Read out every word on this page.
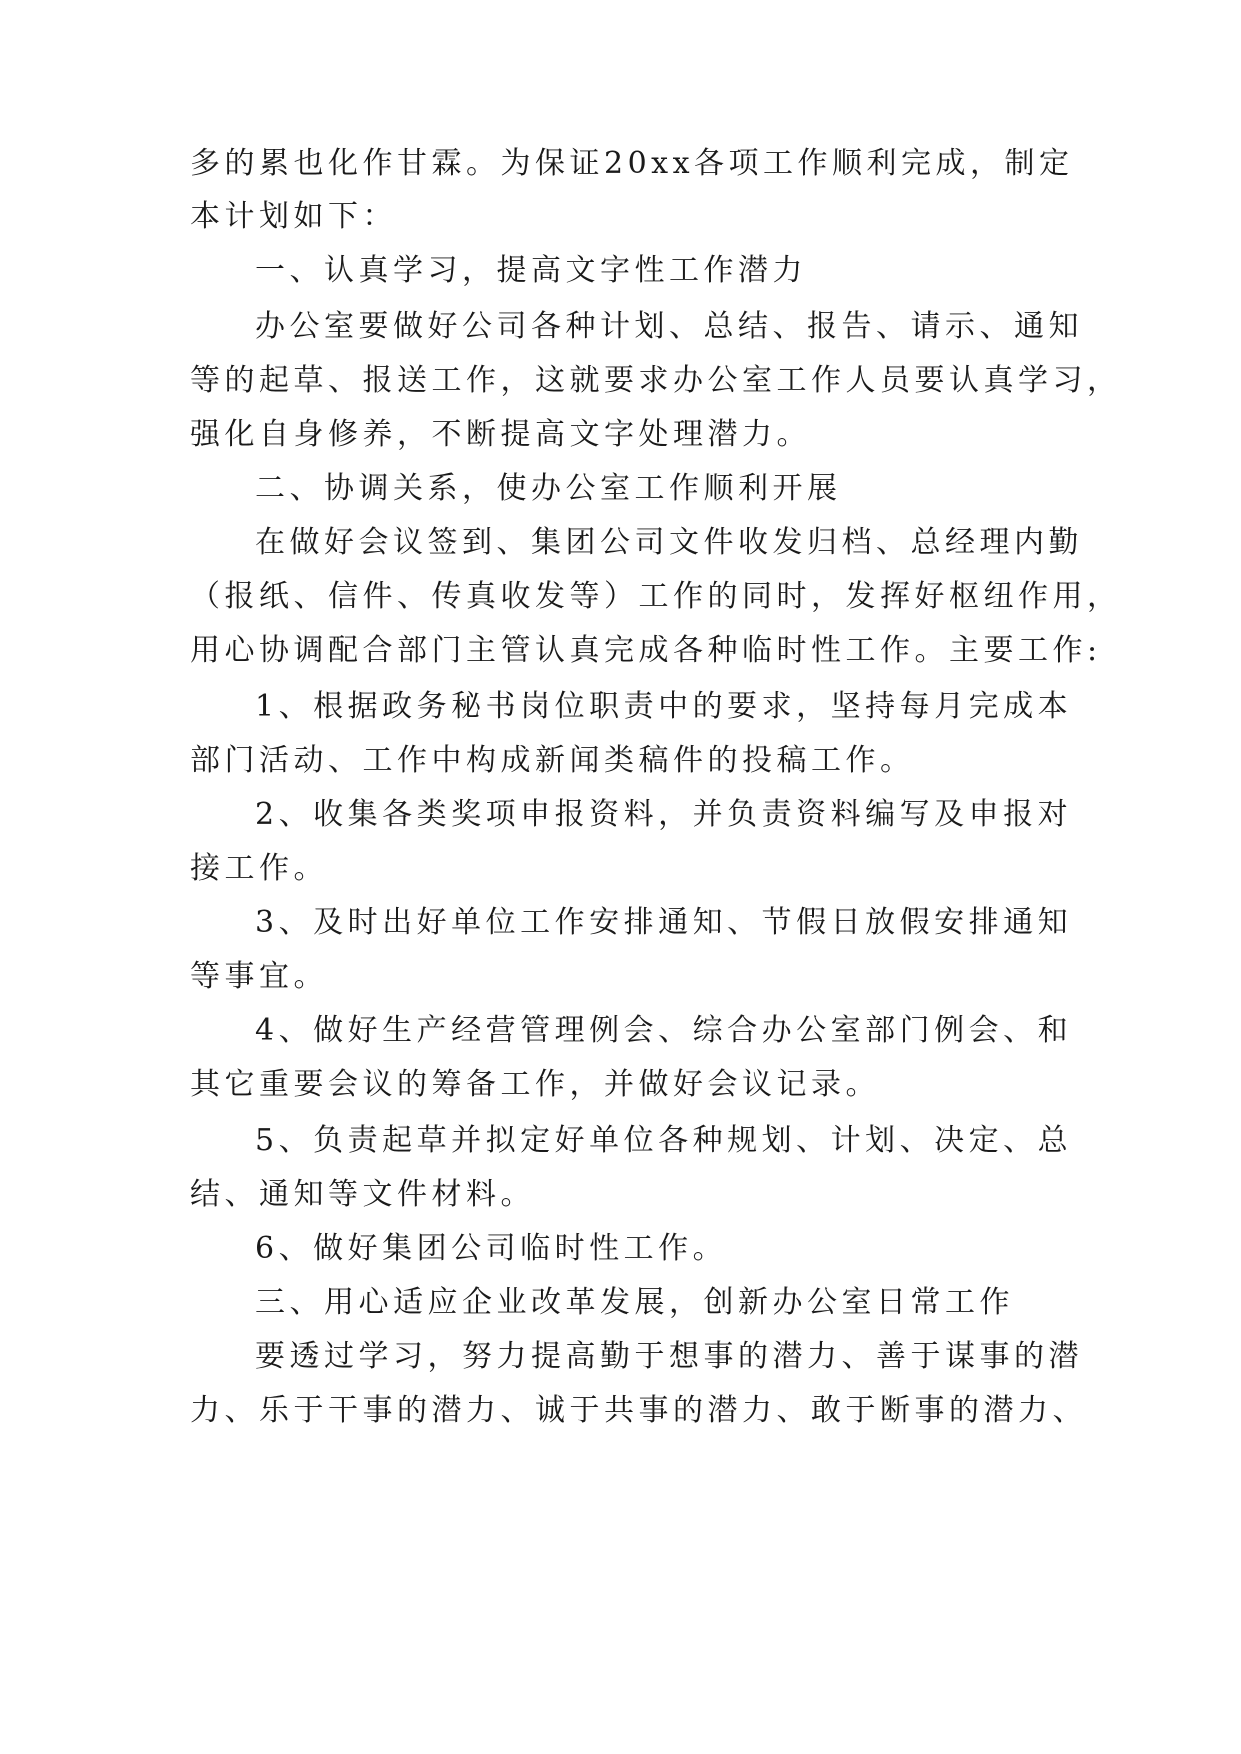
多的累也化作甘霖。为保证20xx各项工作顺利完成，制定
本计划如下：
一、认真学习，提高文字性工作潜力
办公室要做好公司各种计划、总结、报告、请示、通知
等的起草、报送工作，这就要求办公室工作人员要认真学习，
强化自身修养，不断提高文字处理潜力。
二、协调关系，使办公室工作顺利开展
在做好会议签到、集团公司文件收发归档、总经理内勤
（报纸、信件、传真收发等）工作的同时，发挥好枢纽作用，
用心协调配合部门主管认真完成各种临时性工作。主要工作:
1、根据政务秘书岗位职责中的要求，坚持每月完成本
部门活动、工作中构成新闻类稿件的投稿工作。
2、收集各类奖项申报资料，并负责资料编写及申报对
接工作。
3、及时出好单位工作安排通知、节假日放假安排通知
等事宜。
4、做好生产经营管理例会、综合办公室部门例会、和
其它重要会议的筹备工作，并做好会议记录。
5、负责起草并拟定好单位各种规划、计划、决定、总
结、通知等文件材料。
6、做好集团公司临时性工作。
三、用心适应企业改革发展，创新办公室日常工作
要透过学习，努力提高勤于想事的潜力、善于谋事的潜
力、乐于干事的潜力、诚于共事的潜力、敢于断事的潜力、
